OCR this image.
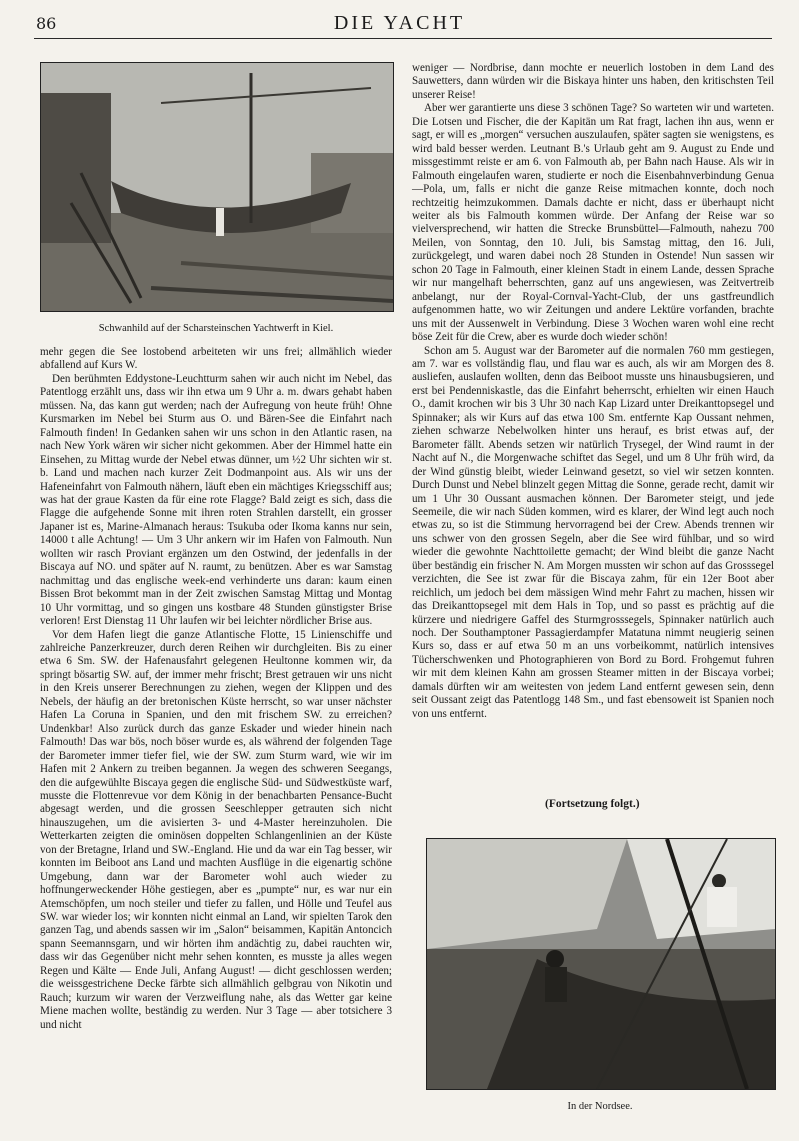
86	DIE YACHT
Schwanhild auf der Scharsteinschen Yachtwerft in Kiel.

mehr gegen die See lostobend arbeiteten wir uns frei; allmählich wieder abfallend auf Kurs W.

Den berühmten Eddystone-Leuchtturm sahen wir auch nicht im Nebel, das Patentlogg erzählt uns, dass wir ihn etwa um 9 Uhr a. m. dwars gehabt haben müssen. Na, das kann gut werden; nach der Aufregung von heute früh! Ohne Kursmarken im Nebel bei Sturm aus O. und Bären-See die Einfahrt nach Falmouth finden! In Gedanken sahen wir uns schon in den Atlantic rasen, na nach New York wären wir sicher nicht gekommen. Aber der Himmel hatte ein Einsehen, zu Mittag wurde der Nebel etwas dünner, um ½2 Uhr sichten wir st. b. Land und machen nach kurzer Zeit Dodmanpoint aus. Als wir uns der Hafeneinfahrt von Falmouth nähern, läuft eben ein mächtiges Kriegsschiff aus; was hat der graue Kasten da für eine rote Flagge? Bald zeigt es sich, dass die Flagge die aufgehende Sonne mit ihren roten Strahlen darstellt, ein grosser Japaner ist es, Marine-Almanach heraus: Tsukuba oder Ikoma kanns nur sein, 14000 t alle Achtung! — Um 3 Uhr ankern wir im Hafen von Falmouth. Nun wollten wir rasch Proviant ergänzen um den Ostwind, der jedenfalls in der Biscaya auf NO. und später auf N. raumt, zu benützen. Aber es war Samstag nachmittag und das englische week-end verhinderte uns daran: kaum einen Bissen Brot bekommt man in der Zeit zwischen Samstag Mittag und Montag 10 Uhr vormittag, und so gingen uns kostbare 48 Stunden günstigster Brise verloren! Erst Dienstag 11 Uhr laufen wir bei leichter nördlicher Brise aus.

Vor dem Hafen liegt die ganze Atlantische Flotte, 15 Linienschiffe und zahlreiche Panzerkreuzer, durch deren Reihen wir durchgleiten. Bis zu einer etwa 6 Sm. SW. der Hafenausfahrt gelegenen Heultonne kommen wir, da springt bösartig SW. auf, der immer mehr frischt; Brest getrauen wir uns nicht in den Kreis unserer Berechnungen zu ziehen, wegen der Klippen und des Nebels, der häufig an der bretonischen Küste herrscht, so war unser nächster Hafen La Coruna in Spanien, und den mit frischem SW. zu erreichen? Undenkbar! Also zurück durch das ganze Eskader und wieder hinein nach Falmouth! Das war bös, noch böser wurde es, als während der folgenden Tage der Barometer immer tiefer fiel, wie der SW. zum Sturm ward, wie wir im Hafen mit 2 Ankern zu treiben begannen. Ja wegen des schweren Seegangs, den die aufgewühlte Biscaya gegen die englische Süd- und Südwestküste warf, musste die Flottenrevue vor dem König in der benachbarten Pensance-Bucht abgesagt werden, und die grossen Seeschlepper getrauten sich nicht hinauszugehen, um die avisierten 3- und 4-Master hereinzuholen. Die Wetterkarten zeigten die ominösen doppelten Schlangenlinien an der Küste von der Bretagne, Irland und SW.-England. Hie und da war ein Tag besser, wir konnten im Beiboot ans Land und machten Ausflüge in die eigenartig schöne Umgebung, dann war der Barometer wohl auch wieder zu hoffnungerweckender Höhe gestiegen, aber es „pumpte“ nur, es war nur ein Atemschöpfen, um noch steiler und tiefer zu fallen, und Hölle und Teufel aus SW. war wieder los; wir konnten nicht einmal an Land, wir spielten Tarok den ganzen Tag, und abends sassen wir im „Salon“ beisammen, Kapitän Antoncich spann Seemannsgarn, und wir hörten ihm andächtig zu, dabei rauchten wir, dass wir das Gegenüber nicht mehr sehen konnten, es musste ja alles wegen Regen und Kälte — Ende Juli, Anfang August! — dicht geschlossen werden; die weissgestrichene Decke färbte sich allmählich gelbgrau von Nikotin und Rauch; kurzum wir waren der Verzweiflung nahe, als das Wetter gar keine Miene machen wollte, beständig zu werden. Nur 3 Tage — aber totsichere 3 und nicht

weniger — Nordbrise, dann mochte er neuerlich lostoben in dem Land des Sauwetters, dann würden wir die Biskaya hinter uns haben, den kritischsten Teil unserer Reise!

Aber wer garantierte uns diese 3 schönen Tage? So warteten wir und warteten. Die Lotsen und Fischer, die der Kapitän um Rat fragt, lachen ihn aus, wenn er sagt, er will es „morgen“ versuchen auszulaufen, später sagten sie wenigstens, es wird bald besser werden. Leutnant B.'s Urlaub geht am 9. August zu Ende und missgestimmt reiste er am 6. von Falmouth ab, per Bahn nach Hause. Als wir in Falmouth eingelaufen waren, studierte er noch die Eisenbahnverbindung Genua—Pola, um, falls er nicht die ganze Reise mitmachen konnte, doch noch rechtzeitig heimzukommen. Damals dachte er nicht, dass er überhaupt nicht weiter als bis Falmouth kommen würde. Der Anfang der Reise war so vielversprechend, wir hatten die Strecke Brunsbüttel—Falmouth, nahezu 700 Meilen, von Sonntag, den 10. Juli, bis Samstag mittag, den 16. Juli, zurückgelegt, und waren dabei noch 28 Stunden in Ostende! Nun sassen wir schon 20 Tage in Falmouth, einer kleinen Stadt in einem Lande, dessen Sprache wir nur mangelhaft beherrschten, ganz auf uns angewiesen, was Zeitvertreib anbelangt, nur der Royal-Cornval-Yacht-Club, der uns gastfreundlich aufgenommen hatte, wo wir Zeitungen und andere Lektüre vorfanden, brachte uns mit der Aussenwelt in Verbindung. Diese 3 Wochen waren wohl eine recht böse Zeit für die Crew, aber es wurde doch wieder schön!

Schon am 5. August war der Barometer auf die normalen 760 mm gestiegen, am 7. war es vollständig flau, und flau war es auch, als wir am Morgen des 8. ausliefen, auslaufen wollten, denn das Beiboot musste uns hinausbugsieren, und erst bei Pendenniskastle, das die Einfahrt beherrscht, erhielten wir einen Hauch O., damit krochen wir bis 3 Uhr 30 nach Kap Lizard unter Dreikanttopsegel und Spinnaker; als wir Kurs auf das etwa 100 Sm. entfernte Kap Oussant nehmen, ziehen schwarze Nebelwolken hinter uns herauf, es brist etwas auf, der Barometer fällt. Abends setzen wir natürlich Trysegel, der Wind raumt in der Nacht auf N., die Morgenwache schiftet das Segel, und um 8 Uhr früh wird, da der Wind günstig bleibt, wieder Leinwand gesetzt, so viel wir setzen konnten. Durch Dunst und Nebel blinzelt gegen Mittag die Sonne, gerade recht, damit wir um 1 Uhr 30 Oussant ausmachen können. Der Barometer steigt, und jede Seemeile, die wir nach Süden kommen, wird es klarer, der Wind legt auch noch etwas zu, so ist die Stimmung hervorragend bei der Crew. Abends trennen wir uns schwer von den grossen Segeln, aber die See wird fühlbar, und so wird wieder die gewohnte Nachttoilette gemacht; der Wind bleibt die ganze Nacht über beständig ein frischer N. Am Morgen mussten wir schon auf das Grosssegel verzichten, die See ist zwar für die Biscaya zahm, für ein 12er Boot aber reichlich, um jedoch bei dem mässigen Wind mehr Fahrt zu machen, hissen wir das Dreikanttopsegel mit dem Hals in Top, und so passt es prächtig auf die kürzere und niedrigere Gaffel des Sturmgrosssegels, Spinnaker natürlich auch noch. Der Southamptoner Passagierdampfer Matatuna nimmt neugierig seinen Kurs so, dass er auf etwa 50 m an uns vorbeikommt, natürlich intensives Tücherschwenken und Photographieren von Bord zu Bord. Frohgemut fuhren wir mit dem kleinen Kahn am grossen Steamer mitten in der Biscaya vorbei; damals dürften wir am weitesten von jedem Land entfernt gewesen sein, denn seit Oussant zeigt das Patentlogg 148 Sm., und fast ebensoweit ist Spanien noch von uns entfernt.

(Fortsetzung folgt.)
In der Nordsee.
